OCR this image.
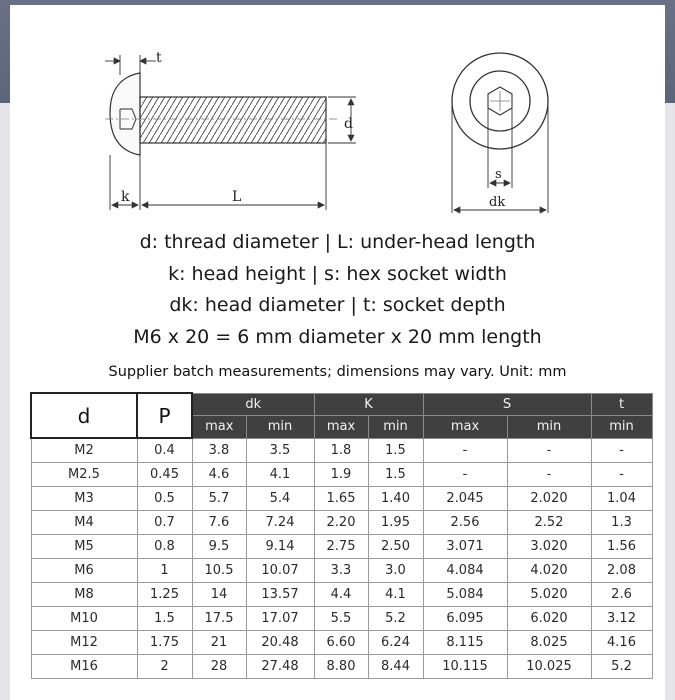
t
d
k	L
s
dk
d: thread diameter | L: under-head length
k: head height | s: hex socket width
dk: head diameter | t: socket depth
M6 x 20 = 6 mm diameter x 20 mm length
Supplier batch measurements; dimensions may vary. Unit: mm
d	P	dk		K		S		t
		max	min	max	min	max	min	min
M2	0.4	3.8	3.5	1.8	1.5	-	-	-
M2.5	0.45	4.6	4.1	1.9	1.5	-	-	-
M3	0.5	5.7	5.4	1.65	1.40	2.045	2.020	1.04
M4	0.7	7.6	7.24	2.20	1.95	2.56	2.52	1.3
M5	0.8	9.5	9.14	2.75	2.50	3.071	3.020	1.56
M6	1	10.5	10.07	3.3	3.0	4.084	4.020	2.08
M8	1.25	14	13.57	4.4	4.1	5.084	5.020	2.6
M10	1.5	17.5	17.07	5.5	5.2	6.095	6.020	3.12
M12	1.75	21	20.48	6.60	6.24	8.115	8.025	4.16
M16	2	28	27.48	8.80	8.44	10.115	10.025	5.2
